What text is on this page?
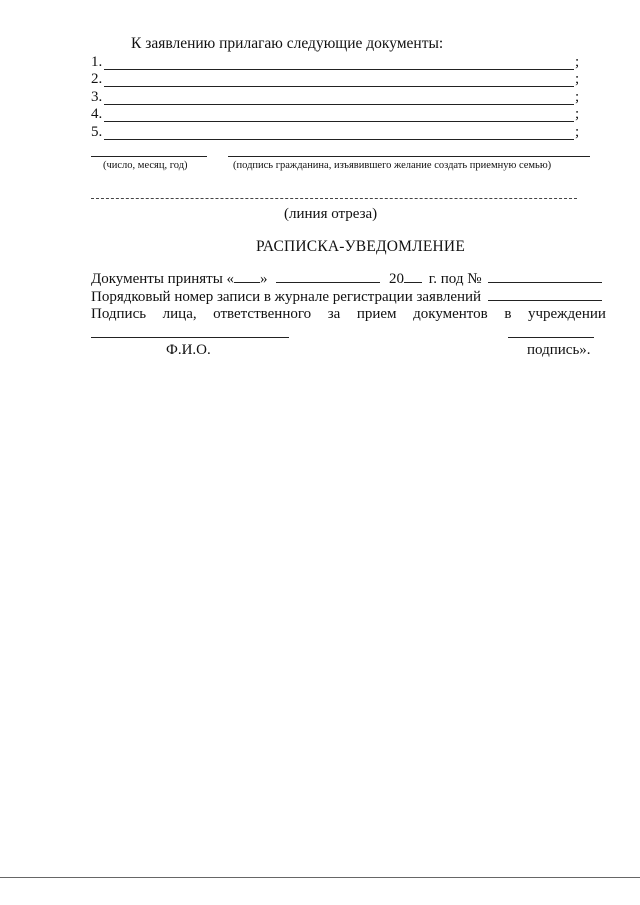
К заявлению прилагаю следующие документы:
1.	;
2.	;
3.	;
4.	;
5.	;
(число, месяц, год)	(подпись гражданина, изъявившего желание создать приемную семью)
(линия отреза)
РАСПИСКА-УВЕДОМЛЕНИЕ
Документы приняты « »	20 г. под №
Порядковый номер записи в журнале регистрации заявлений
Подпись лица, ответственного за прием документов в учреждении
Ф.И.О.	подпись».
